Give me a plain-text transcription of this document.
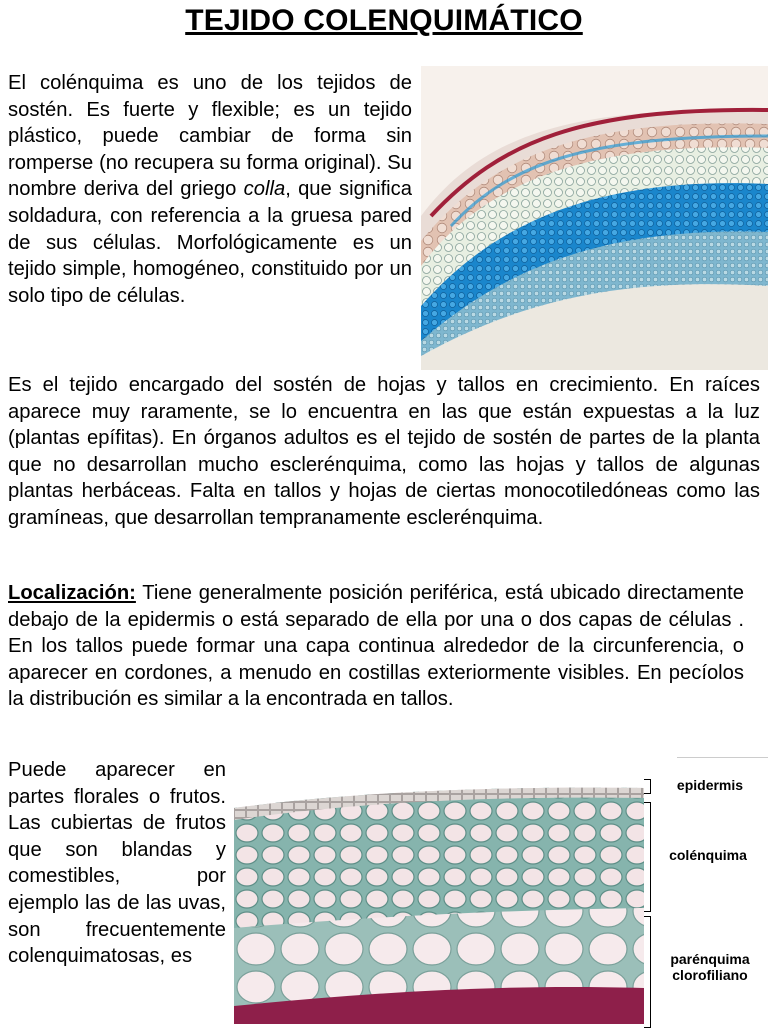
TEJIDO COLENQUIMÁTICO

El colénquima es uno de los tejidos de sostén. Es fuerte y flexible; es un tejido plástico, puede cambiar de forma sin romperse (no recupera su forma original). Su nombre deriva del griego colla, que significa soldadura, con referencia a la gruesa pared de sus células. Morfológicamente es un tejido simple, homogéneo, constituido por un solo tipo de células.

Es el tejido encargado del sostén de hojas y tallos en crecimiento. En raíces aparece muy raramente, se lo encuentra en las que están expuestas a la luz (plantas epífitas). En órganos adultos es el tejido de sostén de partes de la planta que no desarrollan mucho esclerénquima, como las hojas y tallos de algunas plantas herbáceas. Falta en tallos y hojas de ciertas monocotiledóneas como las gramíneas, que desarrollan tempranamente esclerénquima.

Localización: Tiene generalmente posición periférica, está ubicado directamente debajo de la epidermis o está separado de ella por una o dos capas de células . En los tallos puede formar una capa continua alrededor de la circunferencia, o aparecer en cordones, a menudo en costillas exteriormente visibles. En pecíolos la distribución es similar a la encontrada en tallos.

Puede aparecer en partes florales o frutos. Las cubiertas de frutos que son blandas y comestibles, por ejemplo las de las uvas, son frecuentemente colenquimatosas, es

epidermis
colénquima
parénquima
clorofiliano
